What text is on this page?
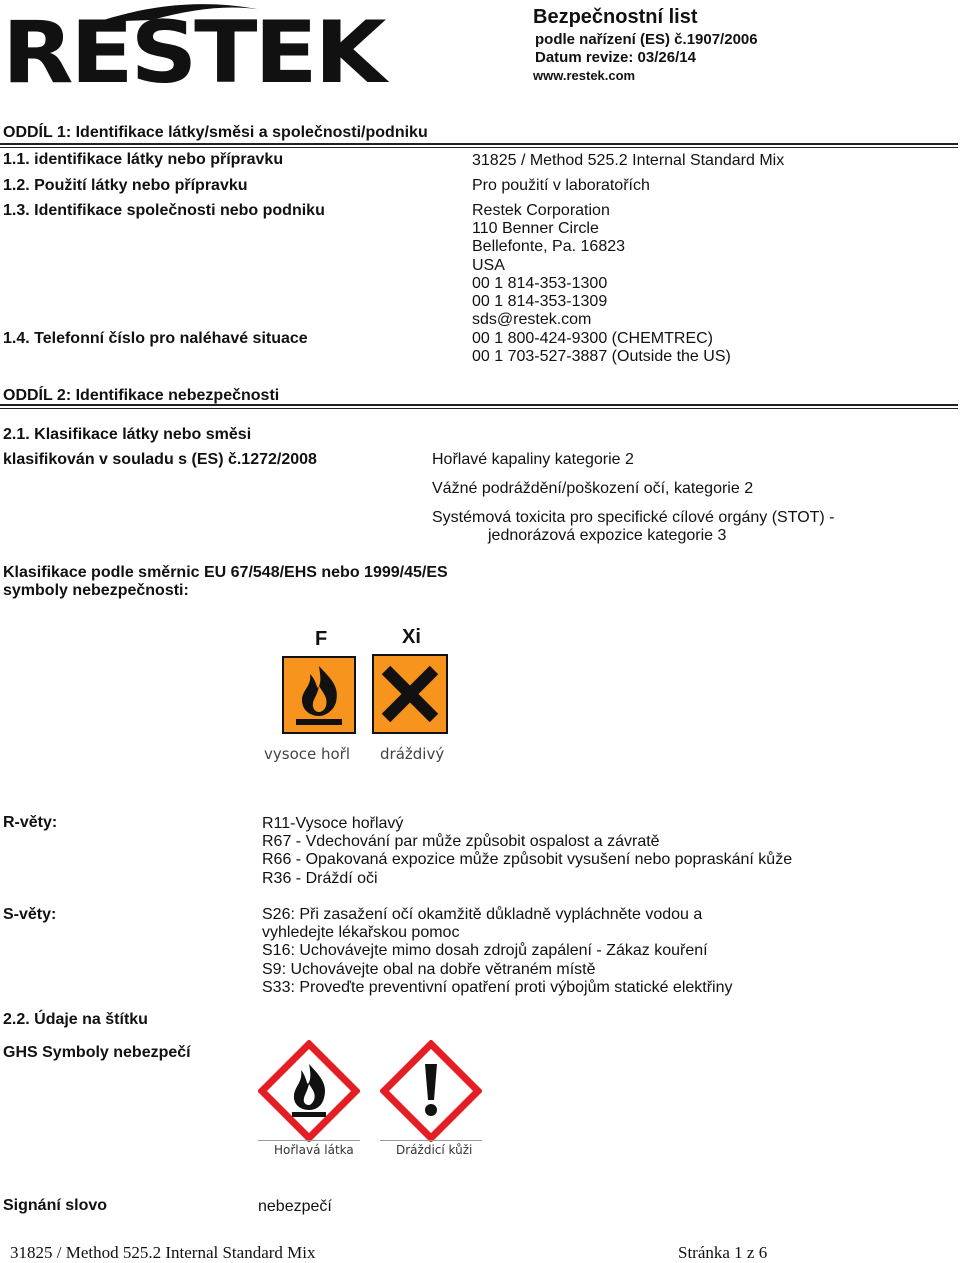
RESTEK	Bezpečnostní list
podle nařízení (ES) č.1907/2006
Datum revize: 03/26/14
www.restek.com
ODDÍL 1: Identifikace látky/směsi a společnosti/podniku
1.1. identifikace látky nebo přípravku	31825 / Method 525.2 Internal Standard Mix
1.2. Použití látky nebo přípravku	Pro použití v laboratořích
1.3. Identifikace společnosti nebo podniku	Restek Corporation
110 Benner Circle
Bellefonte, Pa. 16823
USA
00 1 814-353-1300
00 1 814-353-1309
sds@restek.com
1.4. Telefonní číslo pro naléhavé situace	00 1 800-424-9300 (CHEMTREC)
00 1 703-527-3887 (Outside the US)
ODDÍL 2: Identifikace nebezpečnosti
2.1. Klasifikace látky nebo směsi
klasifikován v souladu s (ES) č.1272/2008	Hořlavé kapaliny kategorie 2
Vážné podráždění/poškození očí, kategorie 2
Systémová toxicita pro specifické cílové orgány (STOT) -
jednorázová expozice kategorie 3
Klasifikace podle směrnic EU 67/548/EHS nebo 1999/45/ES
symboly nebezpečnosti:
F
vysoce hořl
Xi
dráždivý
R-věty:	R11-Vysoce hořlavý
R67 - Vdechování par může způsobit ospalost a závratě
R66 - Opakovaná expozice může způsobit vysušení nebo popraskání kůže
R36 - Dráždí oči
S-věty:	S26: Při zasažení očí okamžitě důkladně vypláchněte vodou a
vyhledejte lékařskou pomoc
S16: Uchovávejte mimo dosah zdrojů zapálení - Zákaz kouření
S9: Uchovávejte obal na dobře větraném místě
S33: Proveďte preventivní opatření proti výbojům statické elektřiny
2.2. Údaje na štítku
GHS Symboly nebezpečí
Hořlavá látka	Dráždicí kůži
Signání slovo	nebezpečí
31825 / Method 525.2 Internal Standard Mix	Stránka 1 z 6
